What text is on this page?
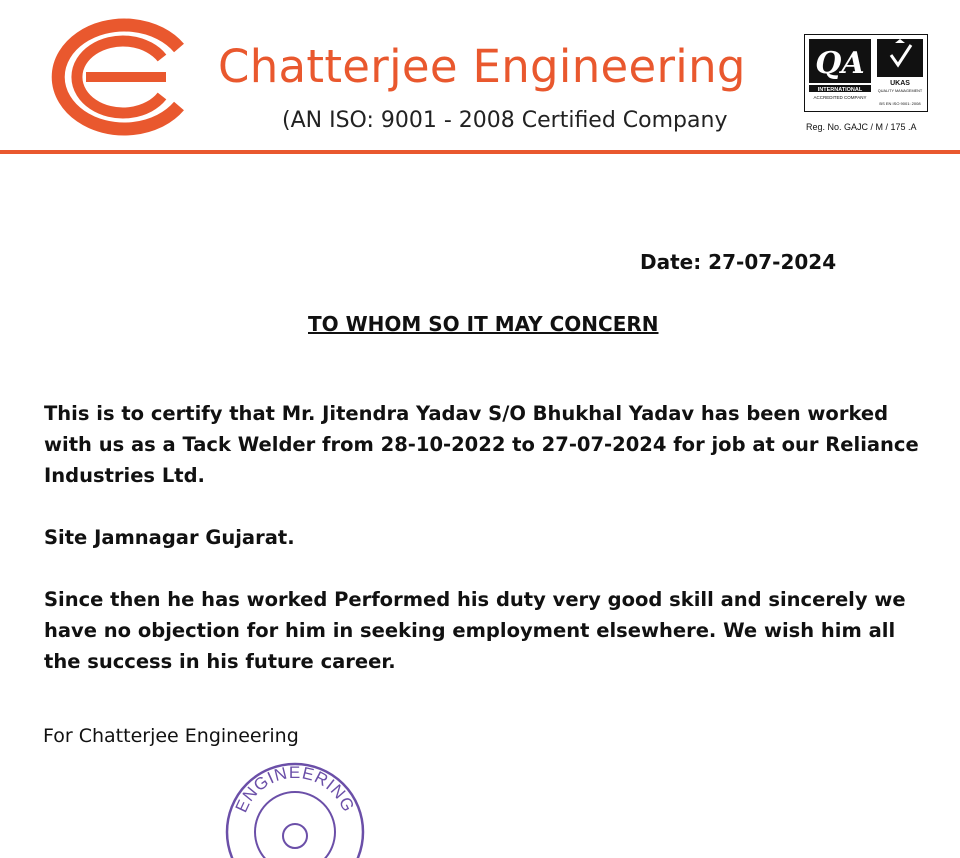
Chatterjee Engineering
(AN ISO: 9001 - 2008 Certified Company
QA
INTERNATIONAL
ACCREDITED COMPANY
UKAS
QUALITY MANAGEMENT
BS EN ISO 9001: 2008
Reg. No. GAJC / M / 175 .A
Date: 27-07-2024
TO WHOM SO IT MAY CONCERN
This is to certify that Mr. Jitendra Yadav S/O Bhukhal Yadav has been worked with us as a Tack Welder from 28-10-2022 to 27-07-2024 for job at our Reliance Industries Ltd.
Site Jamnagar Gujarat.
Since then he has worked Performed his duty very good skill and sincerely we have no objection for him in seeking employment elsewhere. We wish him all the success in his future career.
For Chatterjee Engineering
ENGINEERING
